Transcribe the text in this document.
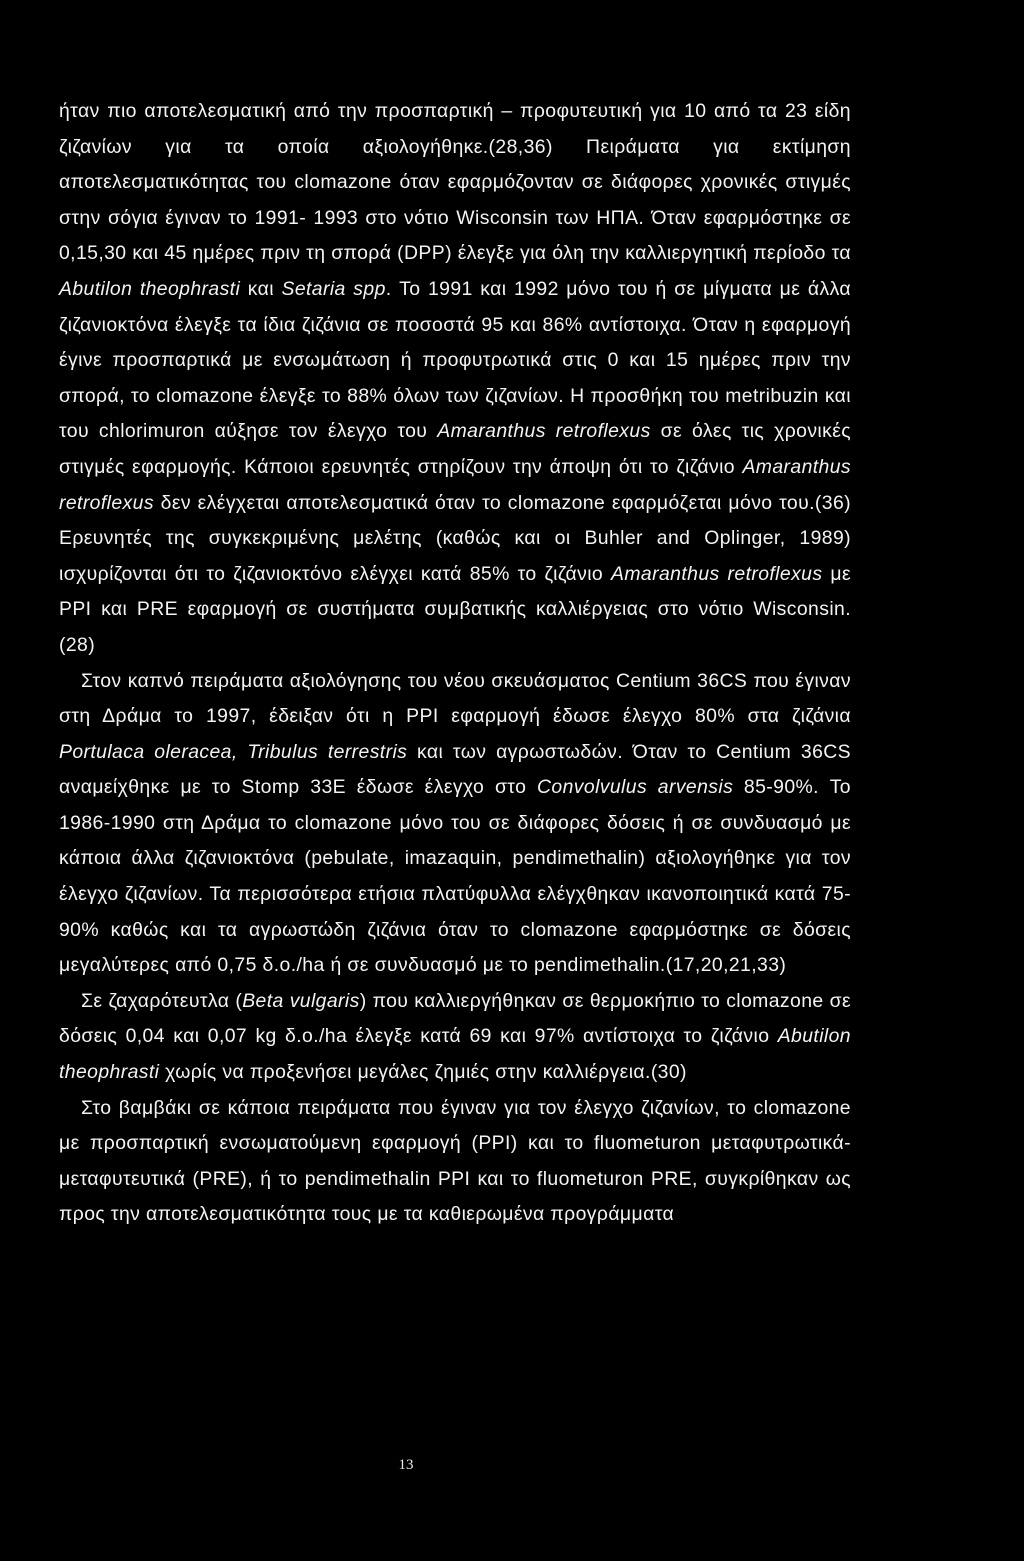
ήταν πιο αποτελεσματική από την προσπαρτική – προφυτευτική για 10 από τα 23 είδη ζιζανίων για τα οποία αξιολογήθηκε.(28,36) Πειράματα για εκτίμηση αποτελεσματικότητας του clomazone όταν εφαρμόζονταν σε διάφορες χρονικές στιγμές στην σόγια έγιναν το 1991- 1993 στο νότιο Wisconsin των ΗΠΑ. Όταν εφαρμόστηκε σε 0,15,30 και 45 ημέρες πριν τη σπορά (DPP) έλεγξε για όλη την καλλιεργητική περίοδο τα Abutilon theophrasti και Setaria spp. Το 1991 και 1992 μόνο του ή σε μίγματα με άλλα ζιζανιοκτόνα έλεγξε τα ίδια ζιζάνια σε ποσοστά 95 και 86% αντίστοιχα. Όταν η εφαρμογή έγινε προσπαρτικά με ενσωμάτωση ή προφυτρωτικά στις 0 και 15 ημέρες πριν την σπορά, το clomazone έλεγξε το 88% όλων των ζιζανίων. Η προσθήκη του metribuzin και του chlorimuron αύξησε τον έλεγχο του Amaranthus retroflexus σε όλες τις χρονικές στιγμές εφαρμογής. Κάποιοι ερευνητές στηρίζουν την άποψη ότι το ζιζάνιο Amaranthus retroflexus δεν ελέγχεται αποτελεσματικά όταν το clomazone εφαρμόζεται μόνο του.(36) Ερευνητές της συγκεκριμένης μελέτης (καθώς και οι Buhler and Oplinger, 1989) ισχυρίζονται ότι το ζιζανιοκτόνο ελέγχει κατά 85% το ζιζάνιο Amaranthus retroflexus με PPI και PRE εφαρμογή σε συστήματα συμβατικής καλλιέργειας στο νότιο Wisconsin. (28)

Στον καπνό πειράματα αξιολόγησης του νέου σκευάσματος Centium 36CS που έγιναν στη Δράμα το 1997, έδειξαν ότι η PPI εφαρμογή έδωσε έλεγχο 80% στα ζιζάνια Portulaca oleracea, Tribulus terrestris και των αγρωστωδών. Όταν το Centium 36CS αναμείχθηκε με το Stomp 33E έδωσε έλεγχο στο Convolvulus arvensis 85-90%. Το 1986-1990 στη Δράμα το clomazone μόνο του σε διάφορες δόσεις ή σε συνδυασμό με κάποια άλλα ζιζανιοκτόνα (pebulate, imazaquin, pendimethalin) αξιολογήθηκε για τον έλεγχο ζιζανίων. Τα περισσότερα ετήσια πλατύφυλλα ελέγχθηκαν ικανοποιητικά κατά 75-90% καθώς και τα αγρωστώδη ζιζάνια όταν το clomazone εφαρμόστηκε σε δόσεις μεγαλύτερες από 0,75 δ.ο./ha ή σε συνδυασμό με το pendimethalin.(17,20,21,33)

Σε ζαχαρότευτλα (Beta vulgaris) που καλλιεργήθηκαν σε θερμοκήπιο το clomazone σε δόσεις 0,04 και 0,07 kg δ.ο./ha έλεγξε κατά 69 και 97% αντίστοιχα το ζιζάνιο Abutilon theophrasti χωρίς να προξενήσει μεγάλες ζημιές στην καλλιέργεια.(30)

Στο βαμβάκι σε κάποια πειράματα που έγιναν για τον έλεγχο ζιζανίων, το clomazone με προσπαρτική ενσωματούμενη εφαρμογή (PPI) και το fluometuron μεταφυτρωτικά-μεταφυτευτικά (PRE), ή το pendimethalin PPI και το fluometuron PRE, συγκρίθηκαν ως προς την αποτελεσματικότητα τους με τα καθιερωμένα προγράμματα

13
